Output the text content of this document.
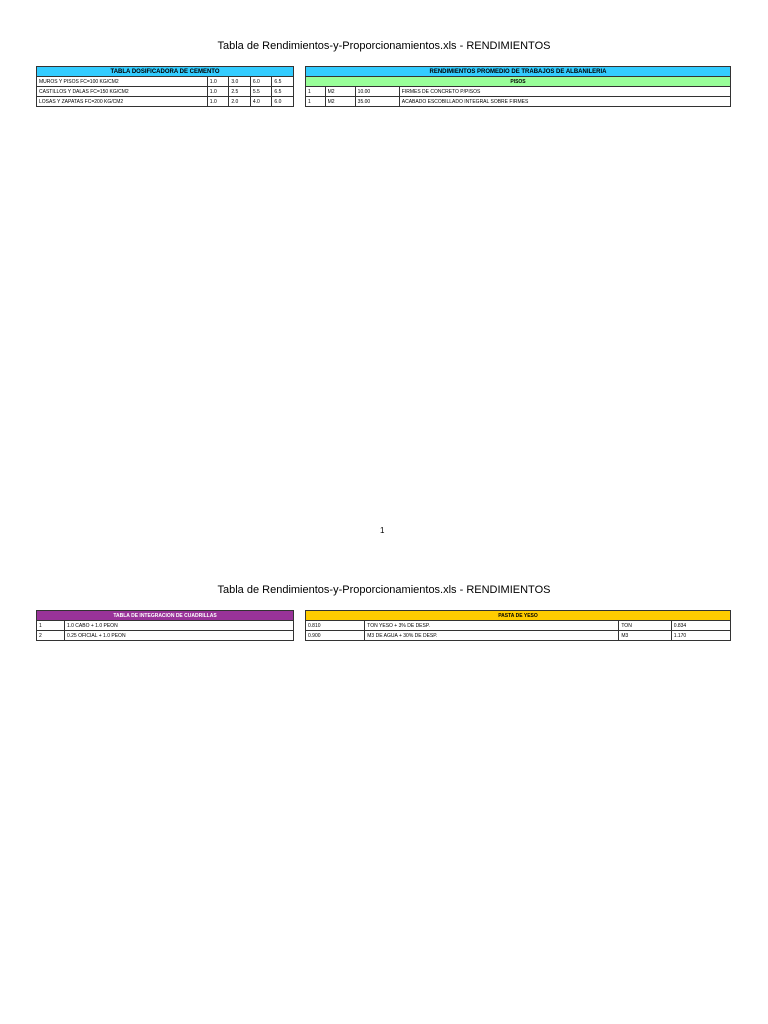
Tabla de Rendimientos-y-Proporcionamientos.xls - RENDIMIENTOS
TABLA DOSIFICADORA DE CEMENTO				
MUROS Y PISOS FC=100 KG/CM2	1.0	3.0	6.0	6.5
CASTILLOS Y DALAS FC=150 KG/CM2	1.0	2.5	5.5	6.5
LOSAS Y ZAPATAS FC=200 KG/CM2	1.0	2.0	4.0	6.0
RENDIMIENTOS PROMEDIO DE TRABAJOS DE ALBANILERIA			
PISOS			
1	M2	10.00	FIRMES DE CONCRETO P/PISOS
1	M2	35.00	ACABADO ESCOBILLADO INTEGRAL SOBRE FIRMES
1
Tabla de Rendimientos-y-Proporcionamientos.xls - RENDIMIENTOS
TABLA DE INTEGRACION DE CUADRILLAS	
1	1.0 CABO + 1.0 PEON
2	0.25 OFICIAL + 1.0 PEON
PASTA DE YESO			
0.810	TON YESO + 3% DE DESP.	TON	0.834
0.900	M3 DE AGUA + 30% DE DESP.	M3	1.170
